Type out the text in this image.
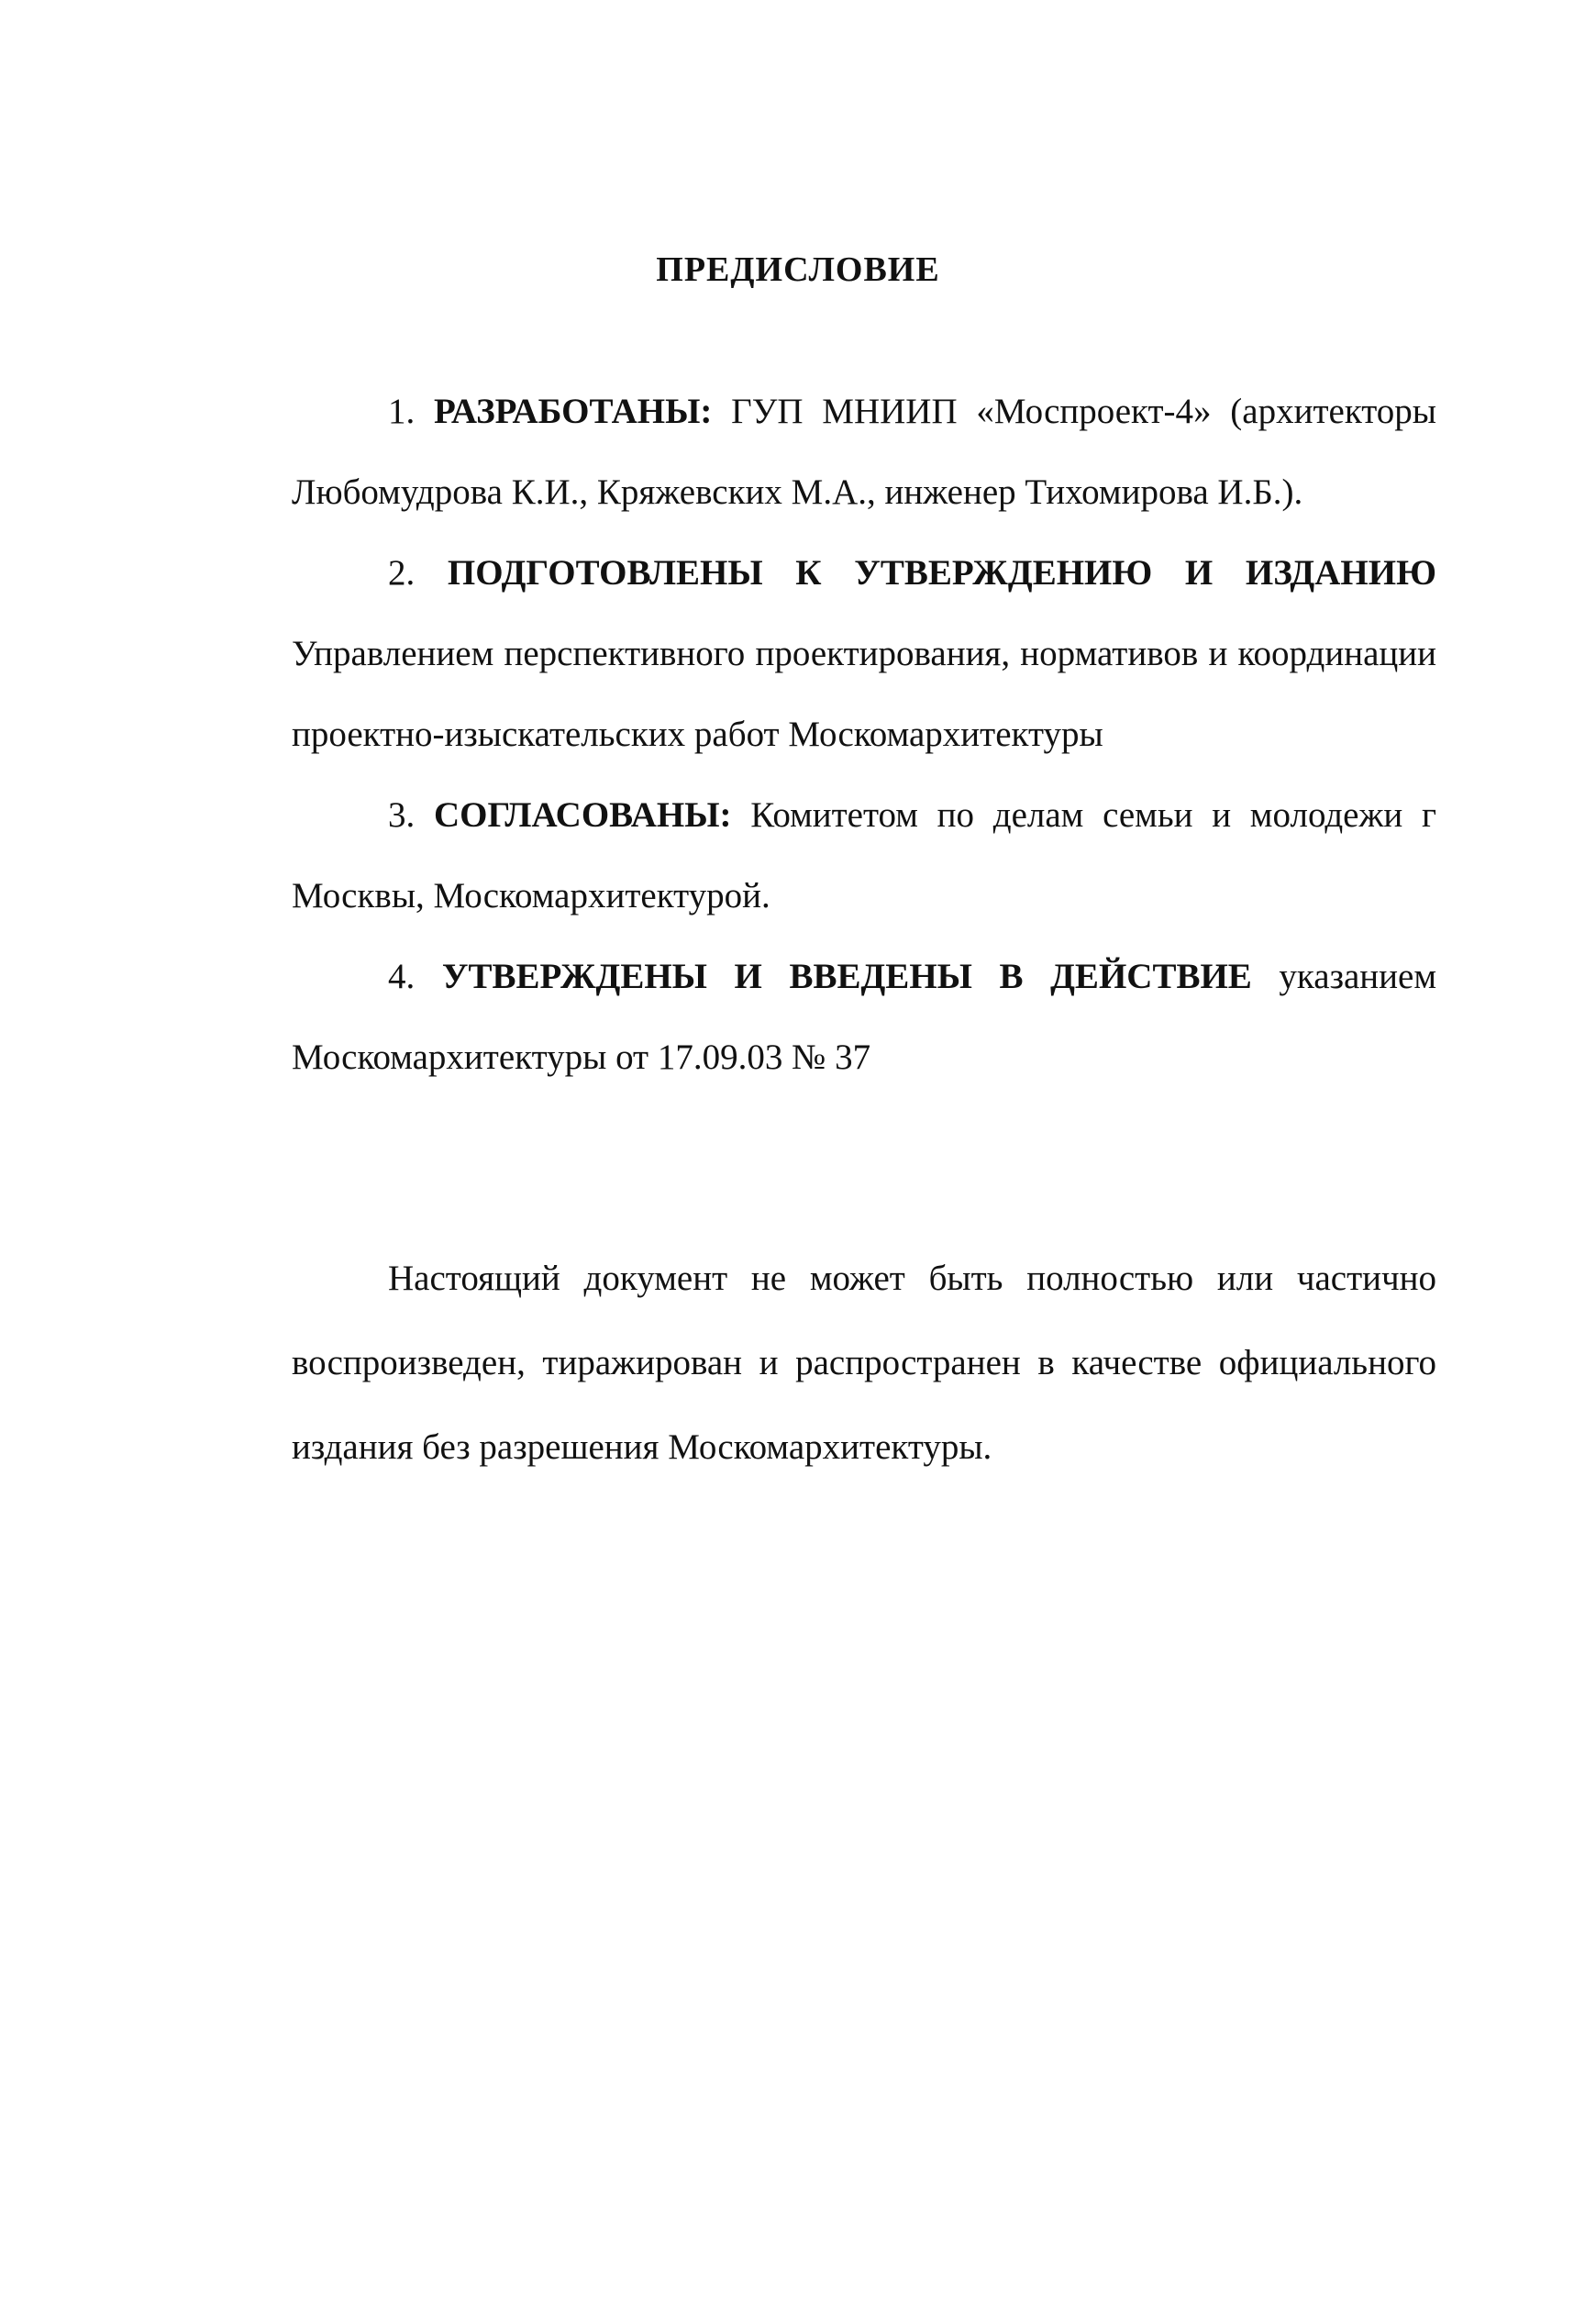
ПРЕДИСЛОВИЕ

1. РАЗРАБОТАНЫ: ГУП МНИИП «Моспроект-4» (архитекторы Любомудрова К.И., Кряжевских М.А., инженер Тихомирова И.Б.).

2. ПОДГОТОВЛЕНЫ К УТВЕРЖДЕНИЮ И ИЗДАНИЮ Управлением перспективного проектирования, нормативов и координации проектно-изыскательских работ Москомархитектуры

3. СОГЛАСОВАНЫ: Комитетом по делам семьи и молодежи г Москвы, Москомархитектурой.

4. УТВЕРЖДЕНЫ И ВВЕДЕНЫ В ДЕЙСТВИЕ указанием Москомархитектуры от 17.09.03 № 37

Настоящий документ не может быть полностью или частично воспроизведен, тиражирован и распространен в качестве официального издания без разрешения Москомархитектуры.
